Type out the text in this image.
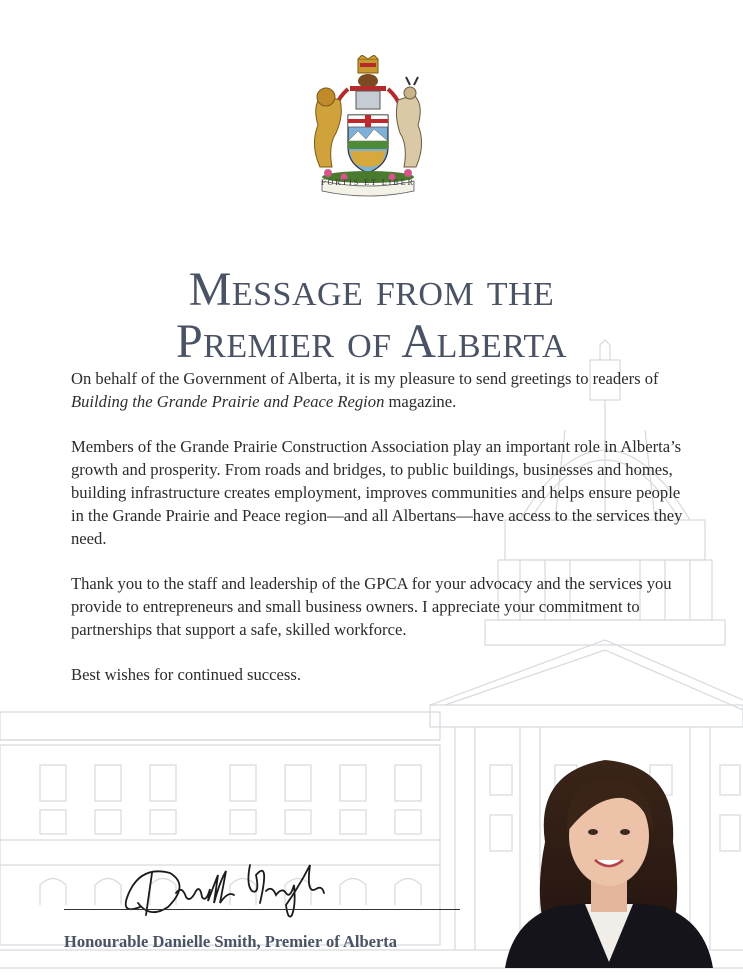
FORTIS ET LIBER
Message from the
Premier of Alberta

On behalf of the Government of Alberta, it is my pleasure to send greetings to readers of Building the Grande Prairie and Peace Region magazine.

Members of the Grande Prairie Construction Association play an important role in Alberta’s growth and prosperity. From roads and bridges, to public buildings, businesses and homes, building infrastructure creates employment, improves communities and helps ensure people in the Grande Prairie and Peace region—and all Albertans—have access to the services they need.

Thank you to the staff and leadership of the GPCA for your advocacy and the services you provide to entrepreneurs and small business owners. I appreciate your commitment to partnerships that support a safe, skilled workforce.

Best wishes for continued success.

Honourable Danielle Smith, Premier of Alberta
